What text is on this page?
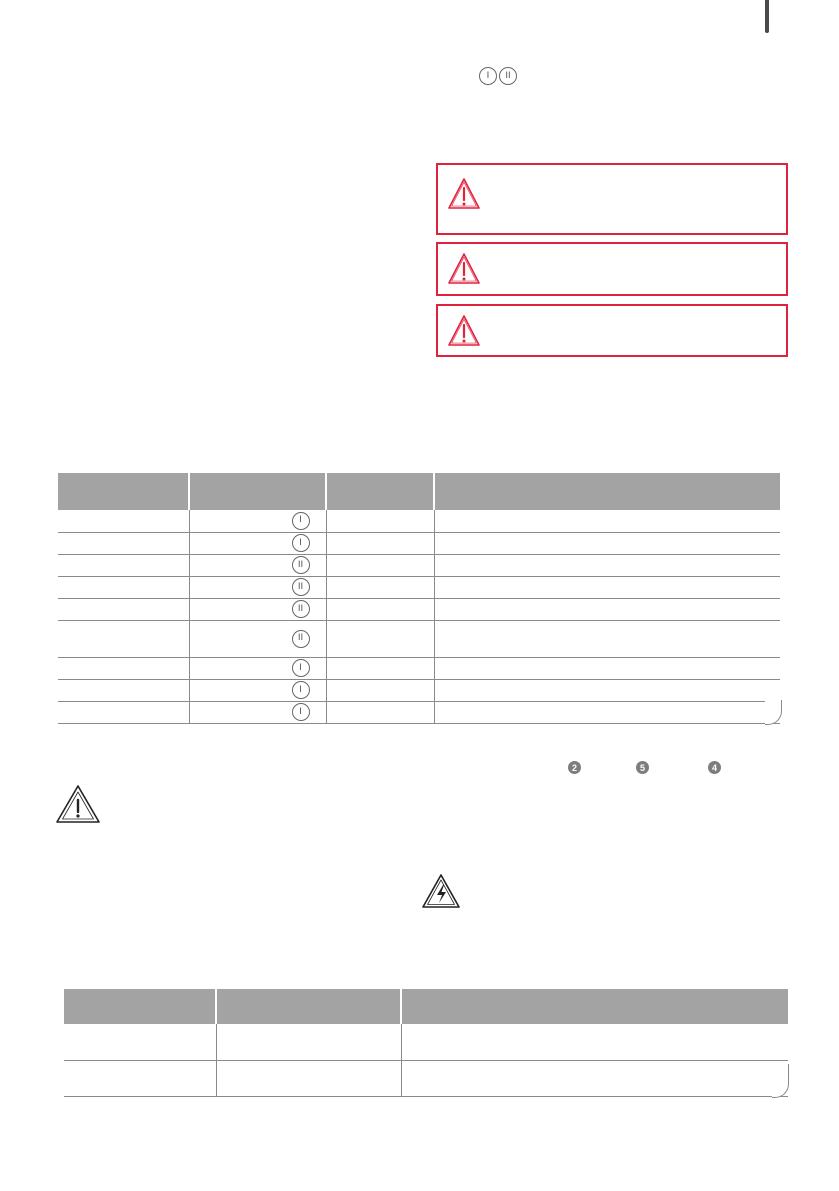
I	II

I		

I		

II		

II		

II		

II		

I		

I		

I		

2	5	4
